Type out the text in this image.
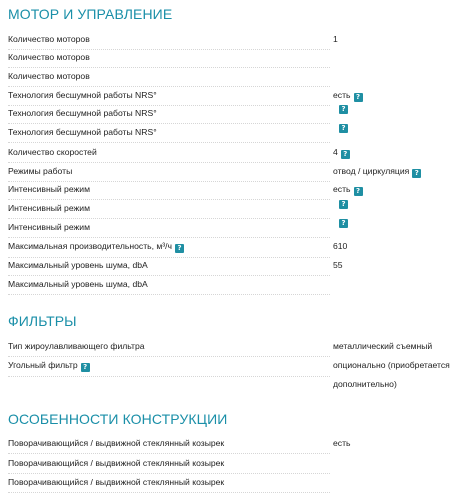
МОТОР И УПРАВЛЕНИЕ
Количество моторов	1
Количество моторов
Количество моторов
Технология бесшумной работы NRS°	есть ?
Технология бесшумной работы NRS°	?
Технология бесшумной работы NRS°	?
Количество скоростей	4 ?
Режимы работы	отвод / циркуляция ?
Интенсивный режим	есть ?
Интенсивный режим	?
Интенсивный режим	?
Максимальная производительность, м³/ч ?	610
Максимальный уровень шума, dbA	55
Максимальный уровень шума, dbA
ФИЛЬТРЫ
Тип жироулавливающего фильтра	металлический съемный
Угольный фильтр ?	опционально (приобретается
дополнительно)
ОСОБЕННОСТИ КОНСТРУКЦИИ
Поворачивающийся / выдвижной стеклянный козырек	есть
Поворачивающийся / выдвижной стеклянный козырек
Поворачивающийся / выдвижной стеклянный козырек
